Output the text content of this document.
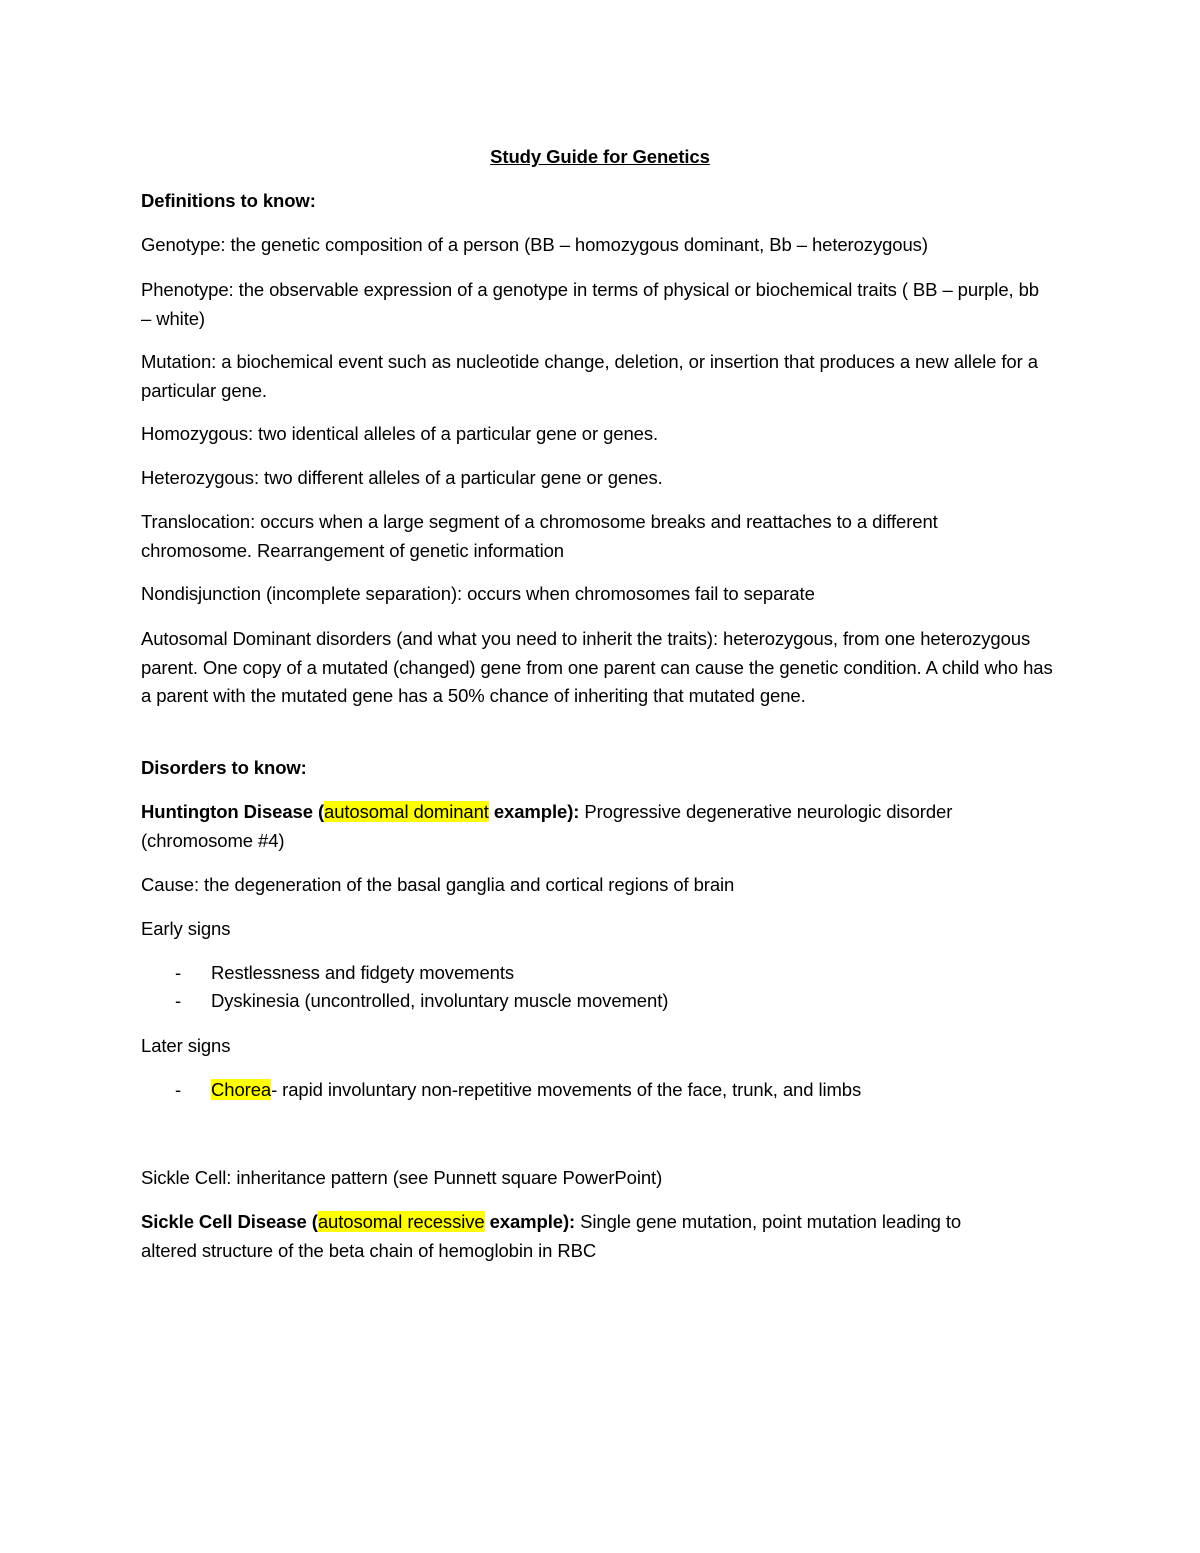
Study Guide for Genetics

Definitions to know:

Genotype: the genetic composition of a person (BB – homozygous dominant, Bb – heterozygous)

Phenotype: the observable expression of a genotype in terms of physical or biochemical traits ( BB – purple, bb – white)

Mutation: a biochemical event such as nucleotide change, deletion, or insertion that produces a new allele for a particular gene.

Homozygous: two identical alleles of a particular gene or genes.

Heterozygous: two different alleles of a particular gene or genes.

Translocation: occurs when a large segment of a chromosome breaks and reattaches to a different chromosome. Rearrangement of genetic information

Nondisjunction (incomplete separation): occurs when chromosomes fail to separate

Autosomal Dominant disorders (and what you need to inherit the traits): heterozygous, from one heterozygous parent. One copy of a mutated (changed) gene from one parent can cause the genetic condition. A child who has a parent with the mutated gene has a 50% chance of inheriting that mutated gene.

Disorders to know:

Huntington Disease (autosomal dominant example): Progressive degenerative neurologic disorder (chromosome #4)

Cause: the degeneration of the basal ganglia and cortical regions of brain

Early signs

- Restlessness and fidgety movements
- Dyskinesia (uncontrolled, involuntary muscle movement)

Later signs

- Chorea- rapid involuntary non-repetitive movements of the face, trunk, and limbs

Sickle Cell: inheritance pattern (see Punnett square PowerPoint)

Sickle Cell Disease (autosomal recessive example): Single gene mutation, point mutation leading to altered structure of the beta chain of hemoglobin in RBC
